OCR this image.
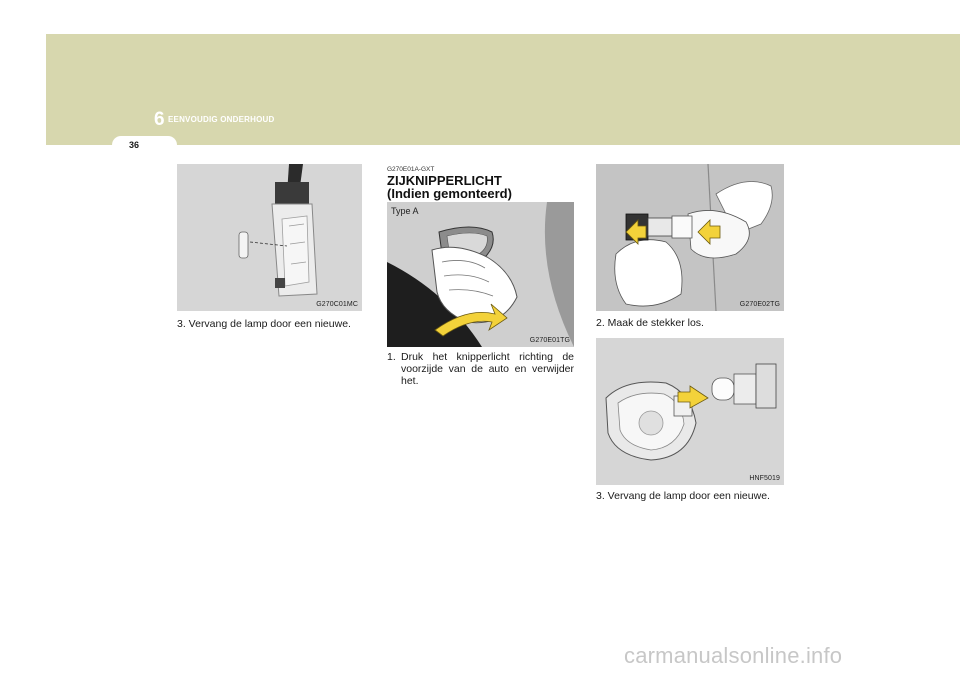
6 EENVOUDIG ONDERHOUD
36
G270C01MC
3. Vervang de lamp door een nieuwe.
G270E01A-GXT
ZIJKNIPPERLICHT
(Indien gemonteerd)
Type A
G270E01TG
1. Druk het knipperlicht richting de voorzijde van de auto en verwijder het.
G270E02TG
2. Maak de stekker los.
HNF5019
3. Vervang de lamp door een nieuwe.
carmanualsonline.info
